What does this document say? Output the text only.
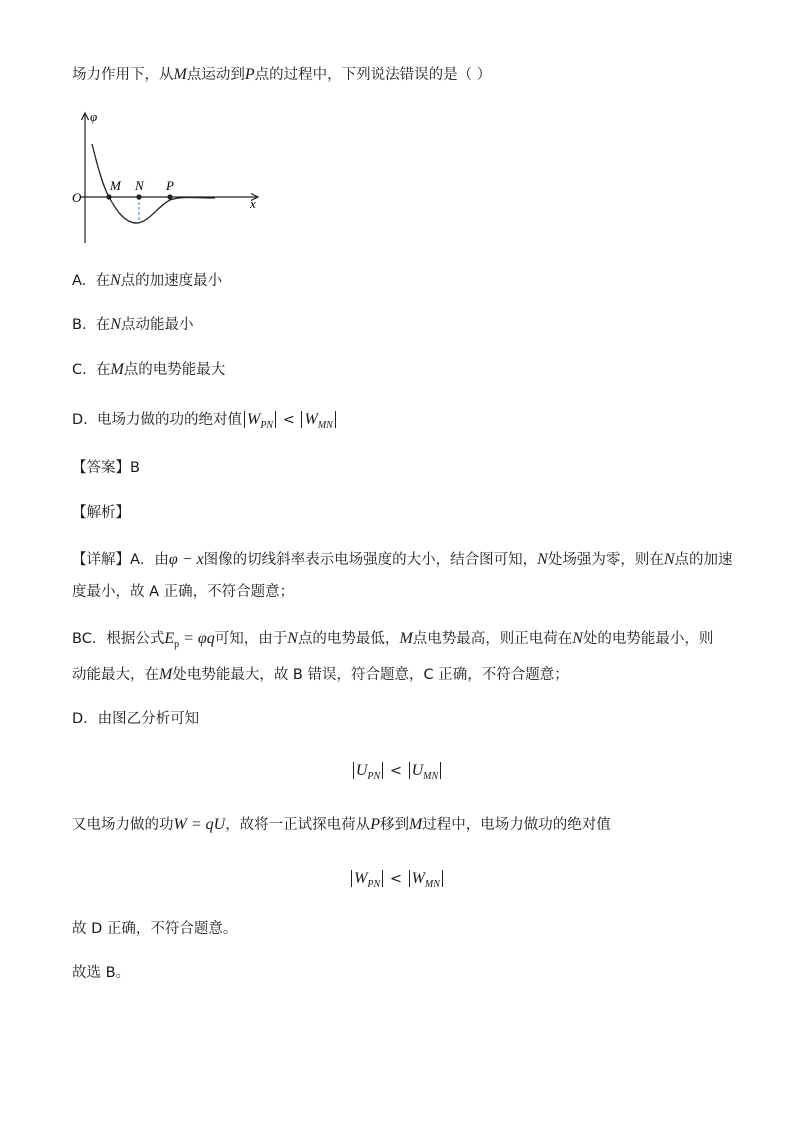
场力作用下，从M点运动到P点的过程中，下列说法错误的是（ ）
φ
x
O
M N P
A. 在N点的加速度最小
B. 在N点动能最小
C. 在M点的电势能最大
D. 电场力做的功的绝对值 $W_{PN} < W_{MN}$
【答案】B
【解析】
【详解】A．由φ − x图像的切线斜率表示电场强度的大小，结合图可知，N处场强为零，则在N点的加速
度最小，故 A 正确，不符合题意；
BC．根据公式$E_p = \varphi q$可知，由于N点的电势最低，M点电势最高，则正电荷在N处的电势能最小，则
动能最大，在M处电势能最大，故 B 错误，符合题意，C 正确，不符合题意；
D．由图乙分析可知
$U_{PN} < U_{MN}$
又电场力做的功W = qU，故将一正试探电荷从P移到M过程中，电场力做功的绝对值
$W_{PN} < W_{MN}$
故 D 正确，不符合题意。
故选 B。
